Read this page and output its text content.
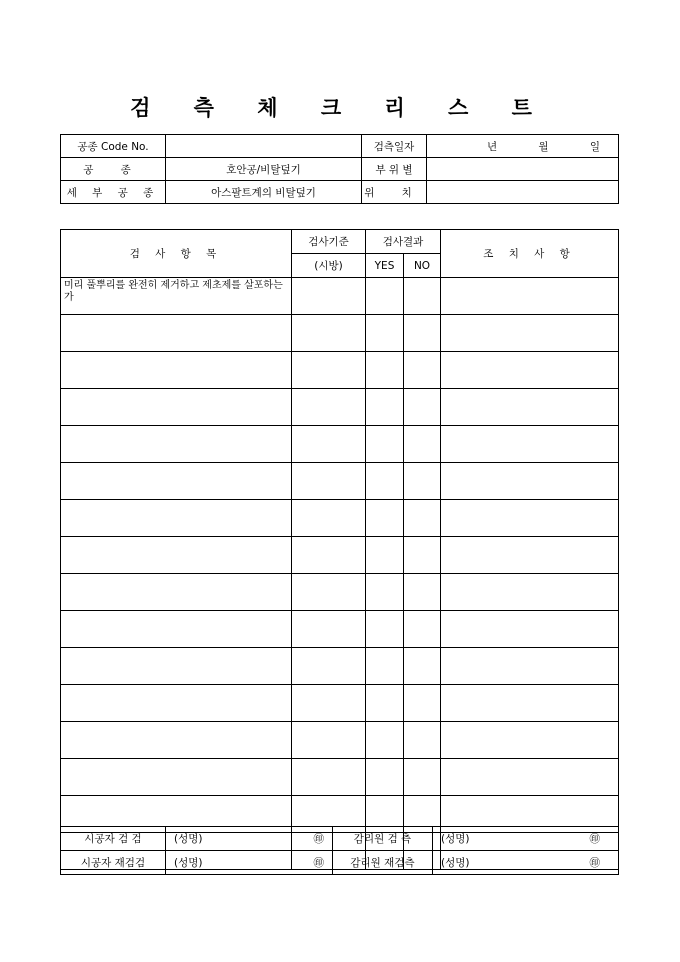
검 측 체 크 리 스 트
공종 Code No.		검측일자	년 월 일

공 종	호안공/비탈덮기	부 위 별	
세 부 공 종	아스팔트계의 비탈덮기	위 치	
검 사 항 목	검사기준	검사결과		조 치 사 항
	(시방)	YES	NO	
미리 풀뿌리를 완전히 제거하고 제초제를 살포하는가				

시공자 검 검	(성명) ㊞	감리원 검 측	(성명) ㊞

시공자 재검검	(성명) ㊞	감리원 재검측	(성명) ㊞
